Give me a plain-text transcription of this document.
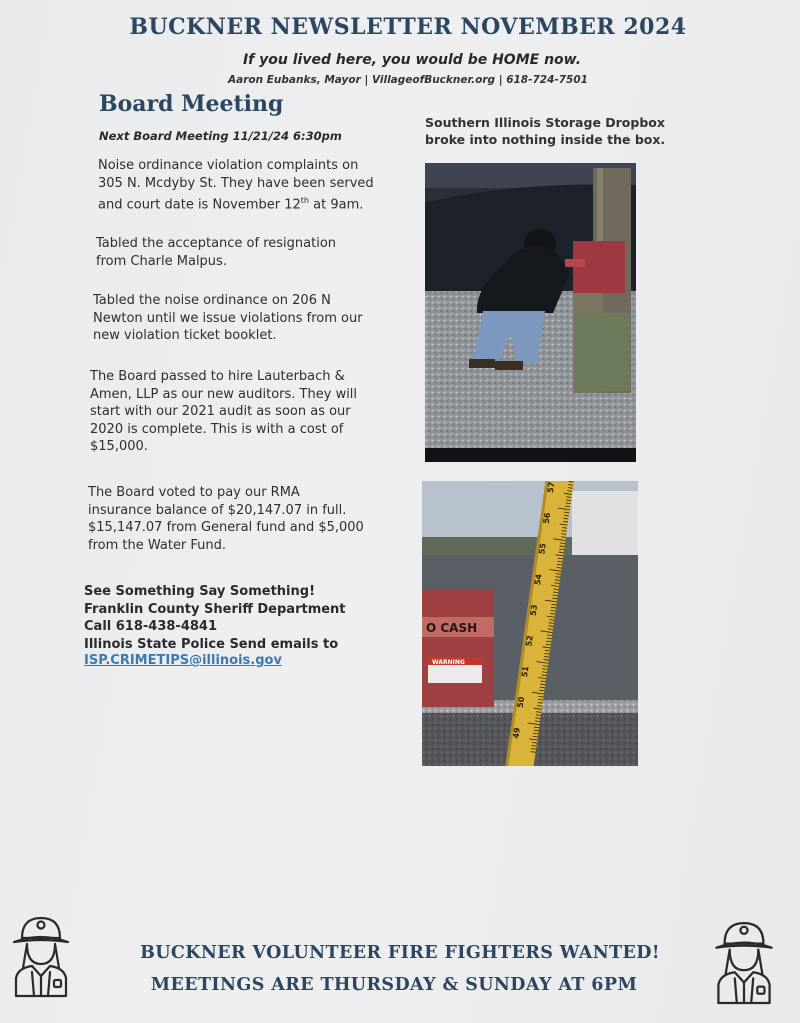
BUCKNER NEWSLETTER NOVEMBER 2024
If you lived here, you would be HOME now.
Aaron Eubanks, Mayor | VillageofBuckner.org | 618-724-7501
Board Meeting
Next Board Meeting 11/21/24 6:30pm
Noise ordinance violation complaints on
305 N. Mcdyby St. They have been served
and court date is November 12th at 9am.
Tabled the acceptance of resignation
from Charle Malpus.
Tabled the noise ordinance on 206 N
Newton until we issue violations from our
new violation ticket booklet.
The Board passed to hire Lauterbach &
Amen, LLP as our new auditors. They will
start with our 2021 audit as soon as our
2020 is complete. This is with a cost of
$15,000.
The Board voted to pay our RMA
insurance balance of $20,147.07 in full.
$15,147.07 from General fund and $5,000
from the Water Fund.
See Something Say Something!
Franklin County Sheriff Department
Call 618-438-4841
Illinois State Police Send emails to
ISP.CRIMETIPS@illinois.gov
Southern Illinois Storage Dropbox
broke into nothing inside the box.
O CASH
WARNING
57
56
55
54
53
52
51
50
49
BUCKNER VOLUNTEER FIRE FIGHTERS WANTED!
MEETINGS ARE THURSDAY & SUNDAY AT 6PM
